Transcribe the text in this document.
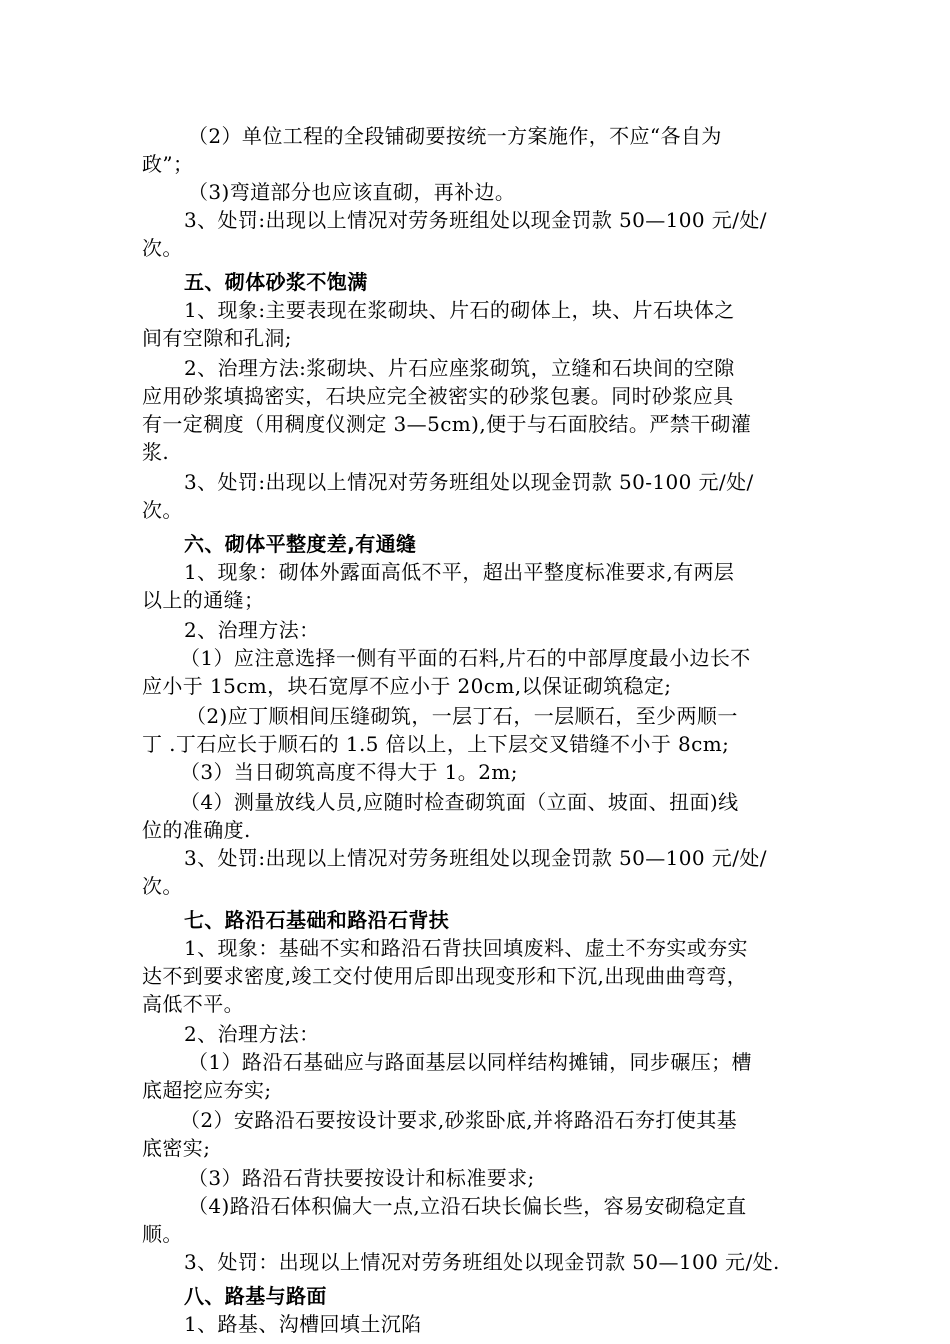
（2）单位工程的全段铺砌要按统一方案施作，不应“各自为
政”；
（3)弯道部分也应该直砌，再补边。
3、处罚:出现以上情况对劳务班组处以现金罚款 50—100 元/处/
次。
五、砌体砂浆不饱满
1、现象:主要表现在浆砌块、片石的砌体上，块、片石块体之
间有空隙和孔洞;
2、治理方法:浆砌块、片石应座浆砌筑，立缝和石块间的空隙
应用砂浆填捣密实，石块应完全被密实的砂浆包裹。同时砂浆应具
有一定稠度（用稠度仪测定 3—5cm),便于与石面胶结。严禁干砌灌
浆.
3、处罚:出现以上情况对劳务班组处以现金罚款 50-100 元/处/
次。
六、砌体平整度差,有通缝
1、现象：砌体外露面高低不平，超出平整度标准要求,有两层
以上的通缝；
2、治理方法：
（1）应注意选择一侧有平面的石料,片石的中部厚度最小边长不
应小于 15cm，块石宽厚不应小于 20cm,以保证砌筑稳定;
（2)应丁顺相间压缝砌筑，一层丁石，一层顺石，至少两顺一
丁 .丁石应长于顺石的 1.5 倍以上，上下层交叉错缝不小于 8cm;
（3）当日砌筑高度不得大于 1。2m;
（4）测量放线人员,应随时检查砌筑面（立面、坡面、扭面)线
位的准确度.
3、处罚:出现以上情况对劳务班组处以现金罚款 50—100 元/处/
次。
七、路沿石基础和路沿石背扶
1、现象：基础不实和路沿石背扶回填废料、虚土不夯实或夯实
达不到要求密度,竣工交付使用后即出现变形和下沉,出现曲曲弯弯，
高低不平。
2、治理方法：
（1）路沿石基础应与路面基层以同样结构摊铺，同步碾压；槽
底超挖应夯实;
（2）安路沿石要按设计要求,砂浆卧底,并将路沿石夯打使其基
底密实;
（3）路沿石背扶要按设计和标准要求;
（4)路沿石体积偏大一点,立沿石块长偏长些，容易安砌稳定直
顺。
3、处罚：出现以上情况对劳务班组处以现金罚款 50—100 元/处.
八、路基与路面
1、路基、沟槽回填土沉陷
